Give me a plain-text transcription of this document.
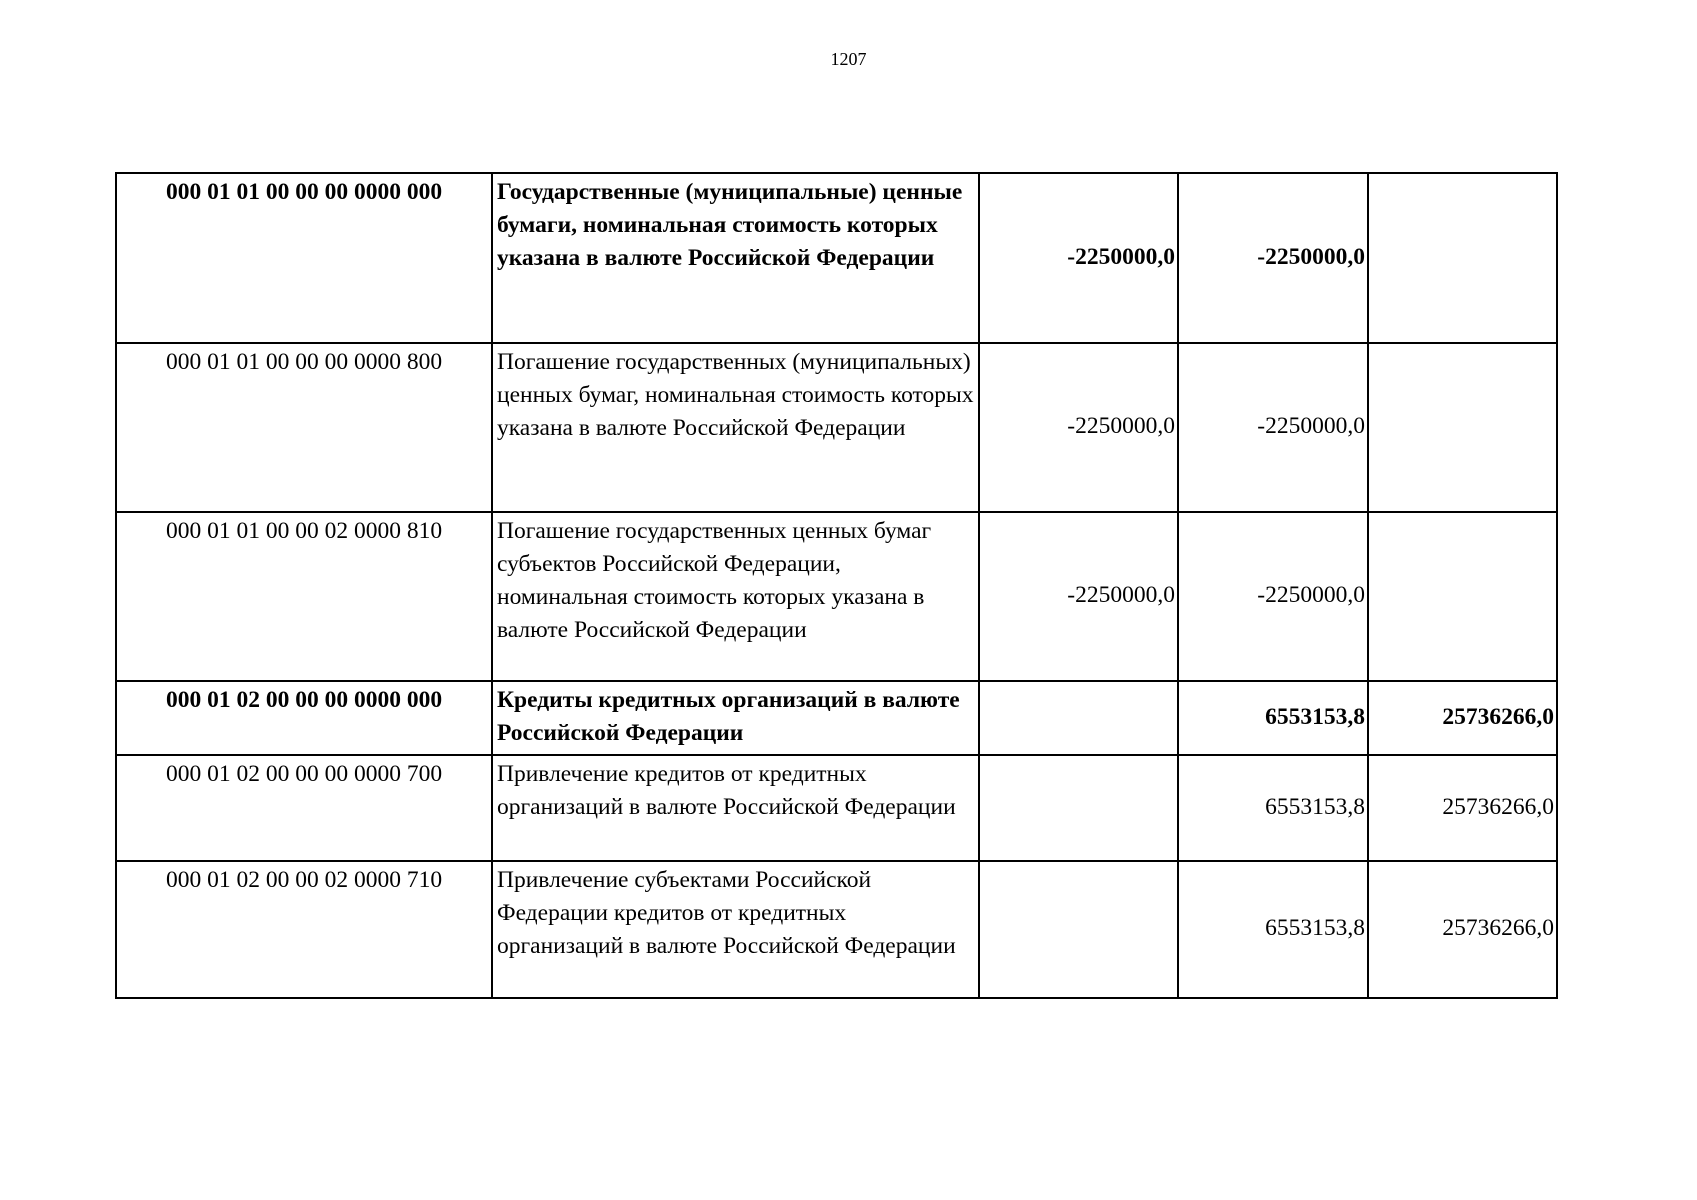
1207
000 01 01 00 00 00 0000 000	Государственные (муниципальные) ценные бумаги, номинальная стоимость которых указана в валюте Российской Федерации	-2250000,0	-2250000,0	
000 01 01 00 00 00 0000 800	Погашение государственных (муниципальных) ценных бумаг, номинальная стоимость которых указана в валюте Российской Федерации	-2250000,0	-2250000,0	
000 01 01 00 00 02 0000 810	Погашение государственных ценных бумаг субъектов Российской Федерации, номинальная стоимость которых указана в валюте Российской Федерации	-2250000,0	-2250000,0	
000 01 02 00 00 00 0000 000	Кредиты кредитных организаций в валюте Российской Федерации		6553153,8	25736266,0
000 01 02 00 00 00 0000 700	Привлечение кредитов от кредитных организаций в валюте Российской Федерации		6553153,8	25736266,0
000 01 02 00 00 02 0000 710	Привлечение субъектами Российской Федерации кредитов от кредитных организаций в валюте Российской Федерации		6553153,8	25736266,0
